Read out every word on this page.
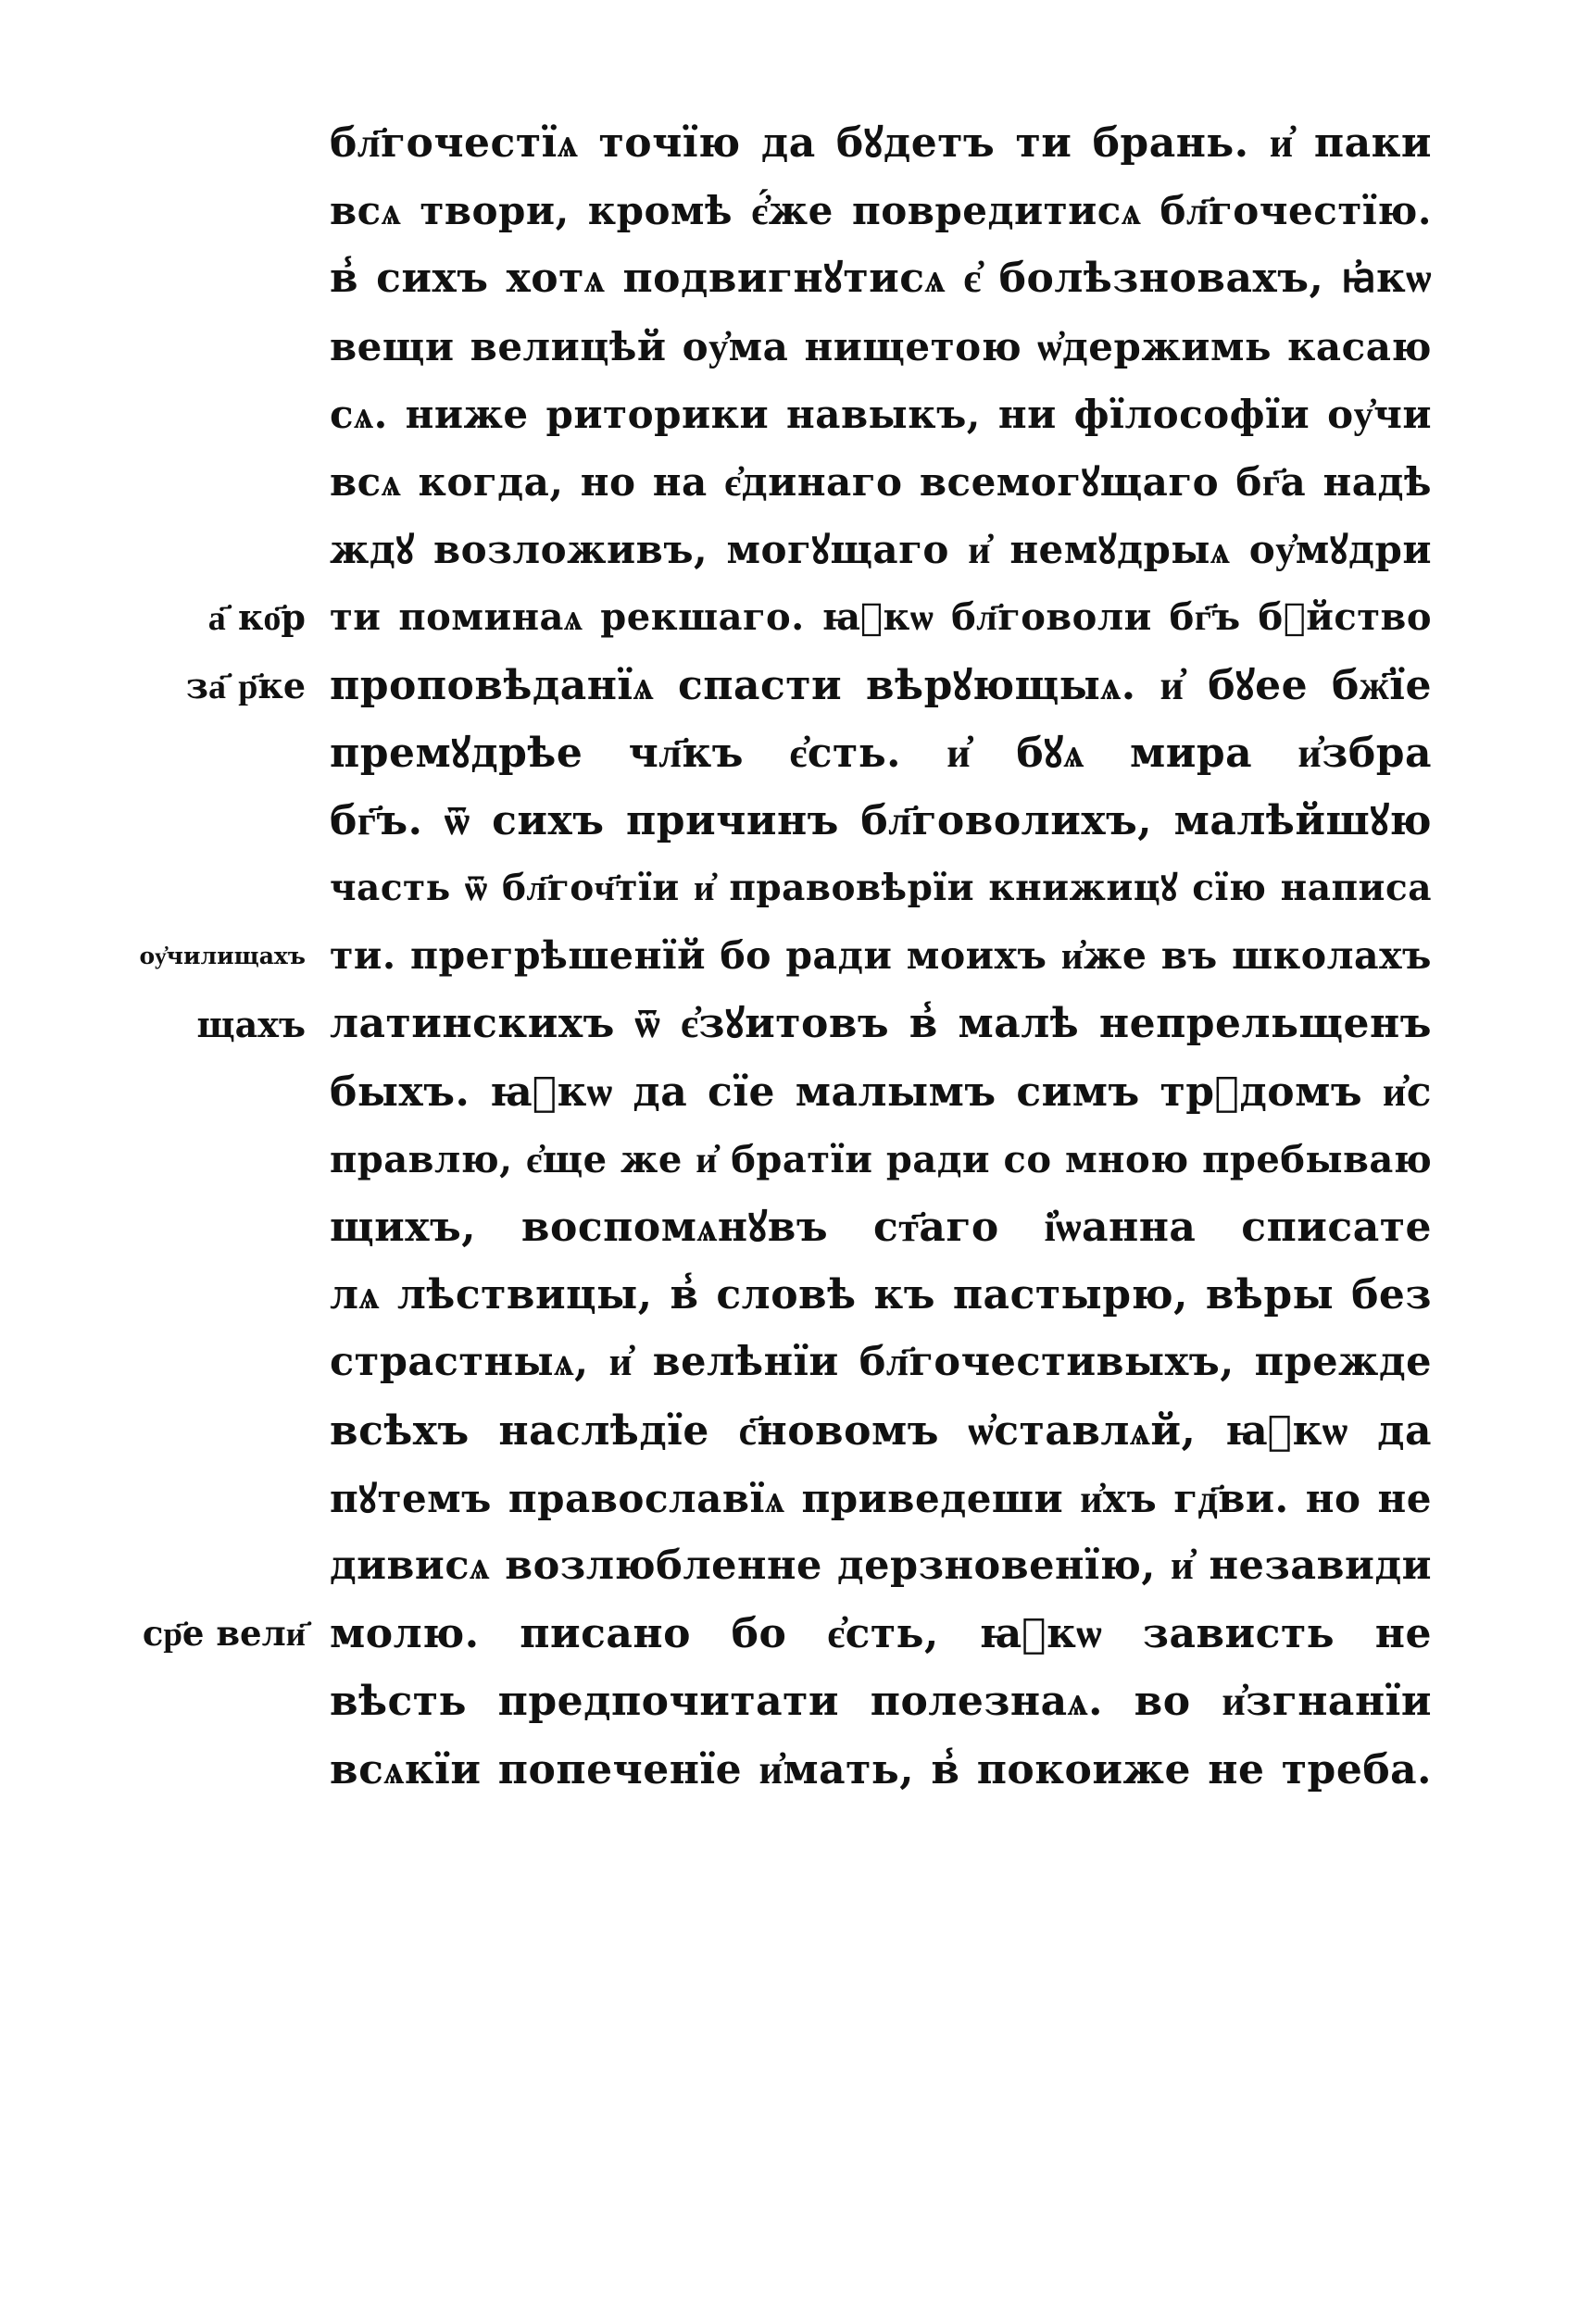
бл҃гочестїѧ точїю да бꙋдетъ ти брань. и҆ паки
всѧ твори, кромѣ є҆́же повредитисѧ бл҃гочестїю.
в̾ сихъ хотѧ подвигнꙋтисѧ є҆ болѣзновахъ, ꙗ҆кѡ
вещи велицѣй оу҆ма нищетою ѡ҆держимь касаю
сѧ. ниже риторики навыкъ, ни фїлософїи оу҆чи
всѧ когда, но на є҆динаго всемогꙋщаго бг҃а надѣ
ждꙋ возложивъ, могꙋщаго и҆ немꙋдрыѧ оу҆мꙋдри
ти поминаѧ рекшаго. ꙗ҆кѡ бл҃говоли бг҃ъ бꙋйство
проповѣданїѧ спасти вѣрꙋющыѧ. и҆ бꙋее бж҃їе
премꙋдрѣе чл҃къ є҆сть. и҆ бꙋѧ мира и҆збра
бг҃ъ. ѿ сихъ причинъ бл҃говолихъ, малѣйшꙋю
часть ѿ бл҃гоч҃тїи и҆ правовѣрїи книжицꙋ сїю написа
ти. прегрѣшенїй бо ради моихъ и҆же въ школахъ
латинскихъ ѿ є҆зꙋитовъ в̾ малѣ непрельщенъ
быхъ. ꙗ҆кѡ да сїе малымъ симъ трꙋдомъ и҆с
правлю, є҆ще же и҆ братїи ради со мною пребываю
щихъ, воспомѧнꙋвъ ст҃аго і҆ѡанна списате
лѧ лѣствицы, в̾ словѣ къ пастырю, вѣры без
страстныѧ, и҆ велѣнїи бл҃гочестивыхъ, прежде
всѣхъ наслѣдїе с҃новомъ ѡ҆ставлѧй, ꙗ҆кѡ да
пꙋтемъ православїѧ приведеши и҆хъ гд҃ви. но не
дивисѧ возлюбленне дерзновенїю, и҆ незавиди
молю. писано бо є҆сть, ꙗ҆кѡ зависть не
вѣсть предпочитати полезнаѧ. во и҆згнанїи
всѧкїи попеченїе и҆мать, в̾ покоиже не треба.
а҃ ко҃р
за҃ р҃ке
оу҆чилищахъ
щахъ
ср҃е вели҃
